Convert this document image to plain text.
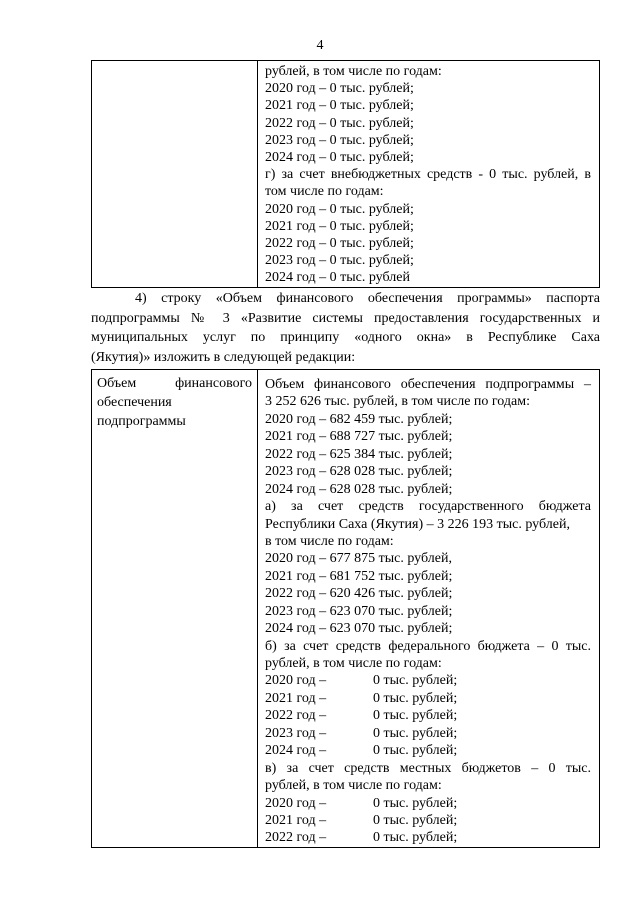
4

рублей, в том числе по годам:
2020 год – 0 тыс. рублей;
2021 год – 0 тыс. рублей;
2022 год – 0 тыс. рублей;
2023 год – 0 тыс. рублей;
2024 год – 0 тыс. рублей;
г) за счет внебюджетных средств - 0 тыс. рублей, в
том числе по годам:
2020 год – 0 тыс. рублей;
2021 год – 0 тыс. рублей;
2022 год – 0 тыс. рублей;
2023 год – 0 тыс. рублей;
2024 год – 0 тыс. рублей
4) строку «Объем финансового обеспечения программы» паспорта
подпрограммы № 3 «Развитие системы предоставления государственных и
муниципальных услуг по принципу «одного окна» в Республике Саха
(Якутия)» изложить в следующей редакции:
Объем финансового
обеспечения
подпрограммы

Объем финансового обеспечения подпрограммы –
3 252 626 тыс. рублей, в том числе по годам:
2020 год – 682 459 тыс. рублей;
2021 год – 688 727 тыс. рублей;
2022 год – 625 384 тыс. рублей;
2023 год – 628 028 тыс. рублей;
2024 год – 628 028 тыс. рублей;
а) за счет средств государственного бюджета
Республики Саха (Якутия) – 3 226 193 тыс. рублей,
в том числе по годам:
2020 год – 677 875 тыс. рублей,
2021 год – 681 752 тыс. рублей;
2022 год – 620 426 тыс. рублей;
2023 год – 623 070 тыс. рублей;
2024 год – 623 070 тыс. рублей;
б) за счет средств федерального бюджета – 0 тыс.
рублей, в том числе по годам:
2020 год –	0 тыс. рублей;
2021 год –	0 тыс. рублей;
2022 год –	0 тыс. рублей;
2023 год –	0 тыс. рублей;
2024 год –	0 тыс. рублей;
в) за счет средств местных бюджетов – 0 тыс.
рублей, в том числе по годам:
2020 год –	0 тыс. рублей;
2021 год –	0 тыс. рублей;
2022 год –	0 тыс. рублей;
